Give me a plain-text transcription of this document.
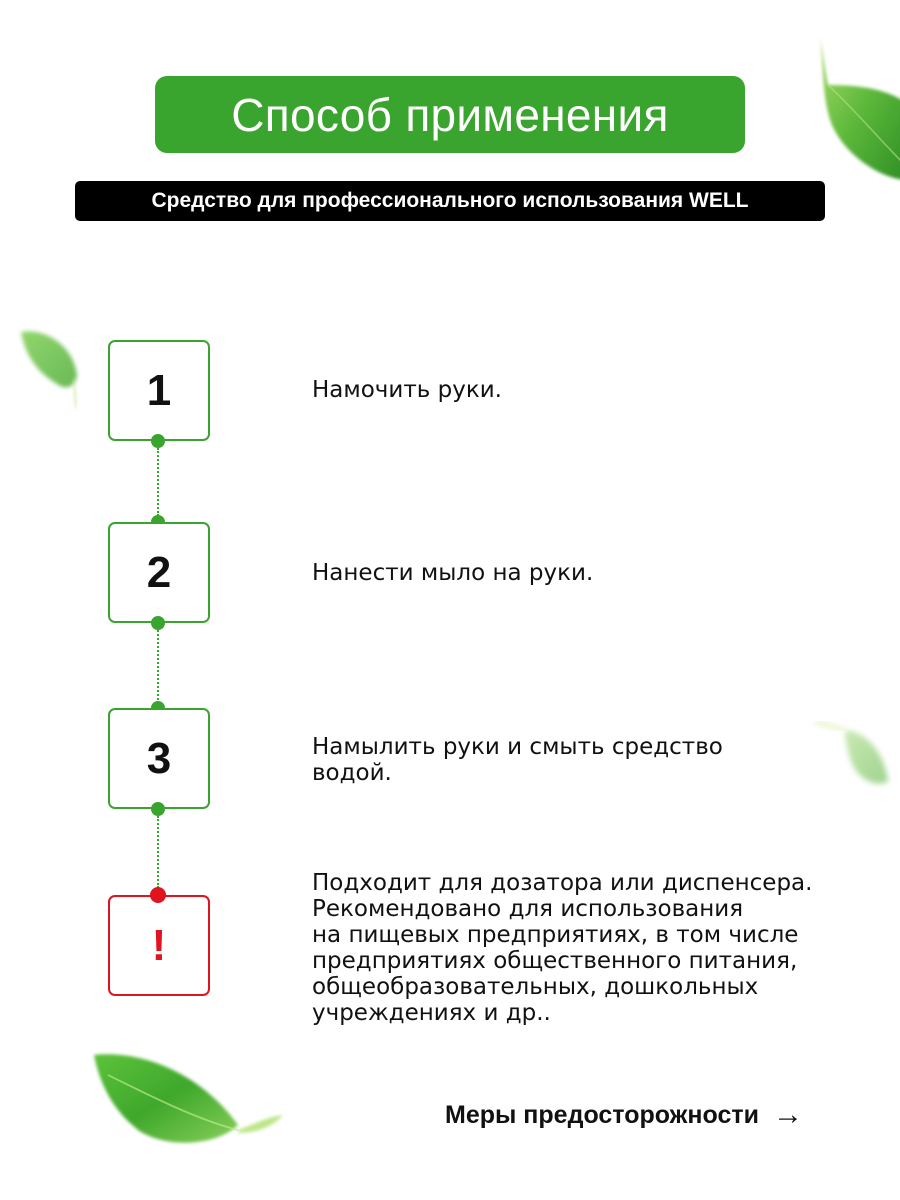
Способ применения
Средство для профессионального использования WELL
1	Намочить руки.
2	Нанести мыло на руки.
3	Намылить руки и смыть средство
водой.
!
Подходит для дозатора или диспенсера.
Рекомендовано для использования
на пищевых предприятиях, в том числе
предприятиях общественного питания,
общеобразовательных, дошкольных
учреждениях и др..
Меры предосторожности →
